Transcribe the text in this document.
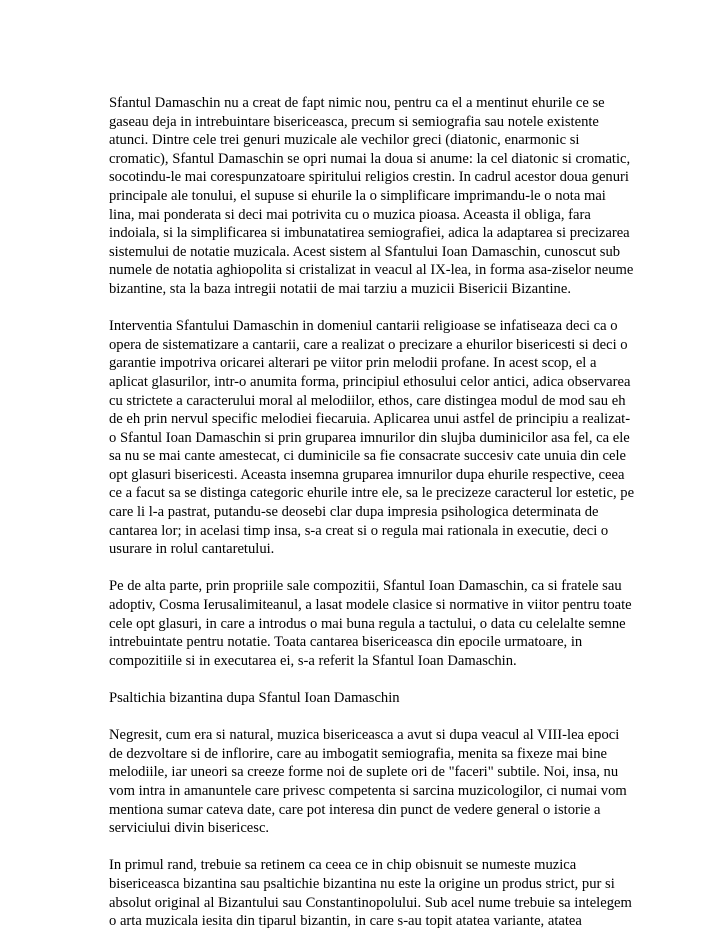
Sfantul Damaschin nu a creat de fapt nimic nou, pentru ca el a mentinut ehurile ce se
gaseau deja in intrebuintare bisericeasca, precum si semiografia sau notele existente
atunci. Dintre cele trei genuri muzicale ale vechilor greci (diatonic, enarmonic si
cromatic), Sfantul Damaschin se opri numai la doua si anume: la cel diatonic si cromatic,
socotindu-le mai corespunzatoare spiritului religios crestin. In cadrul acestor doua genuri
principale ale tonului, el supuse si ehurile la o simplificare imprimandu-le o nota mai
lina, mai ponderata si deci mai potrivita cu o muzica pioasa. Aceasta il obliga, fara
indoiala, si la simplificarea si imbunatatirea semiografiei, adica la adaptarea si precizarea
sistemului de notatie muzicala. Acest sistem al Sfantului Ioan Damaschin, cunoscut sub
numele de notatia aghiopolita si cristalizat in veacul al IX-lea, in forma asa-ziselor neume
bizantine, sta la baza intregii notatii de mai tarziu a muzicii Bisericii Bizantine.
Interventia Sfantului Damaschin in domeniul cantarii religioase se infatiseaza deci ca o
opera de sistematizare a cantarii, care a realizat o precizare a ehurilor bisericesti si deci o
garantie impotriva oricarei alterari pe viitor prin melodii profane. In acest scop, el a
aplicat glasurilor, intr-o anumita forma, principiul ethosului celor antici, adica observarea
cu strictete a caracterului moral al melodiilor, ethos, care distingea modul de mod sau eh
de eh prin nervul specific melodiei fiecaruia. Aplicarea unui astfel de principiu a realizat-
o Sfantul Ioan Damaschin si prin gruparea imnurilor din slujba duminicilor asa fel, ca ele
sa nu se mai cante amestecat, ci duminicile sa fie consacrate succesiv cate unuia din cele
opt glasuri bisericesti. Aceasta insemna gruparea imnurilor dupa ehurile respective, ceea
ce a facut sa se distinga categoric ehurile intre ele, sa le precizeze caracterul lor estetic, pe
care li l-a pastrat, putandu-se deosebi clar dupa impresia psihologica determinata de
cantarea lor; in acelasi timp insa, s-a creat si o regula mai rationala in executie, deci o
usurare in rolul cantaretului.
Pe de alta parte, prin propriile sale compozitii, Sfantul Ioan Damaschin, ca si fratele sau
adoptiv, Cosma Ierusalimiteanul, a lasat modele clasice si normative in viitor pentru toate
cele opt glasuri, in care a introdus o mai buna regula a tactului, o data cu celelalte semne
intrebuintate pentru notatie. Toata cantarea bisericeasca din epocile urmatoare, in
compozitiile si in executarea ei, s-a referit la Sfantul Ioan Damaschin.
Psaltichia bizantina dupa Sfantul Ioan Damaschin
Negresit, cum era si natural, muzica bisericeasca a avut si dupa veacul al VIII-lea epoci
de dezvoltare si de inflorire, care au imbogatit semiografia, menita sa fixeze mai bine
melodiile, iar uneori sa creeze forme noi de suplete ori de "faceri" subtile. Noi, insa, nu
vom intra in amanuntele care privesc competenta si sarcina muzicologilor, ci numai vom
mentiona sumar cateva date, care pot interesa din punct de vedere general o istorie a
serviciului divin bisericesc.
In primul rand, trebuie sa retinem ca ceea ce in chip obisnuit se numeste muzica
bisericeasca bizantina sau psaltichie bizantina nu este la origine un produs strict, pur si
absolut original al Bizantului sau Constantinopolului. Sub acel nume trebuie sa intelegem
o arta muzicala iesita din tiparul bizantin, in care s-au topit atatea variante, atatea
